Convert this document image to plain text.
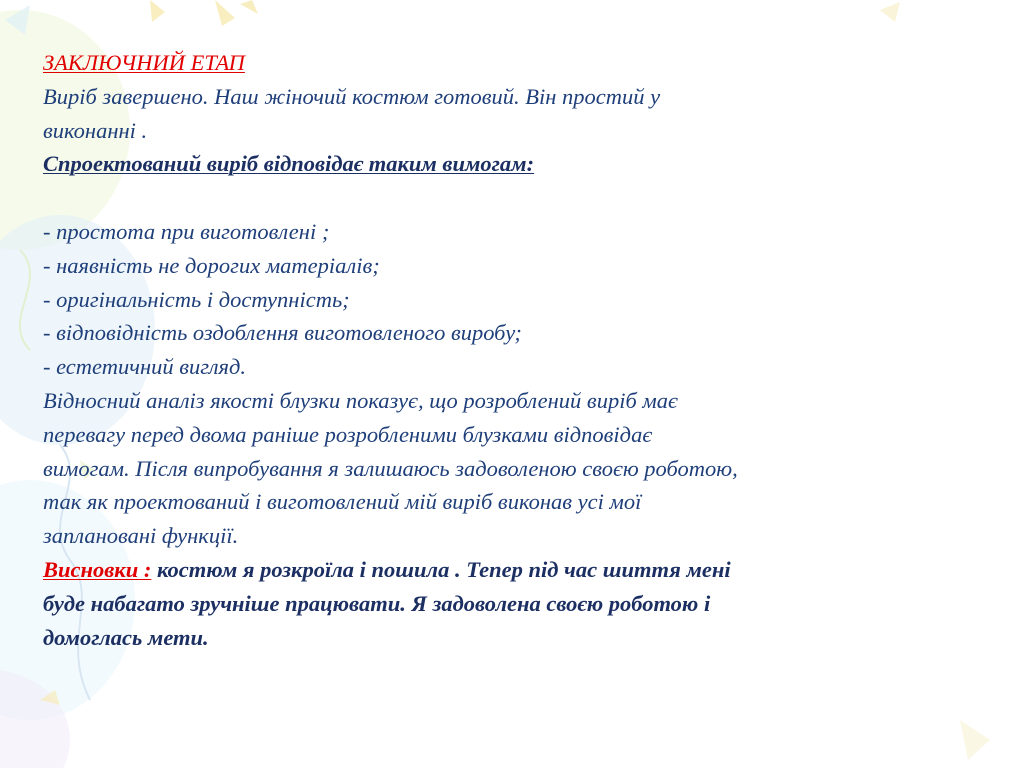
ЗАКЛЮЧНИЙ ЕТАП
Виріб завершено. Наш жіночий костюм готовий. Він простий у
виконанні .
Спроектований виріб відповідає таким вимогам:
- простота при виготовлені ;
- наявність не дорогих матеріалів;
- оригінальність і доступність;
- відповідність оздоблення виготовленого виробу;
- естетичний вигляд.
Відносний аналіз якості блузки показує, що розроблений виріб має
перевагу перед двома раніше розробленими блузками відповідає
вимогам. Після випробування я залишаюсь задоволеною своєю роботою,
так як проектований і виготовлений мій виріб виконав усі мої
заплановані функції.
Висновки : костюм я розкроїла і пошила . Тепер під час шиття мені
буде набагато зручніше працювати. Я задоволена своєю роботою і
домоглась мети.
